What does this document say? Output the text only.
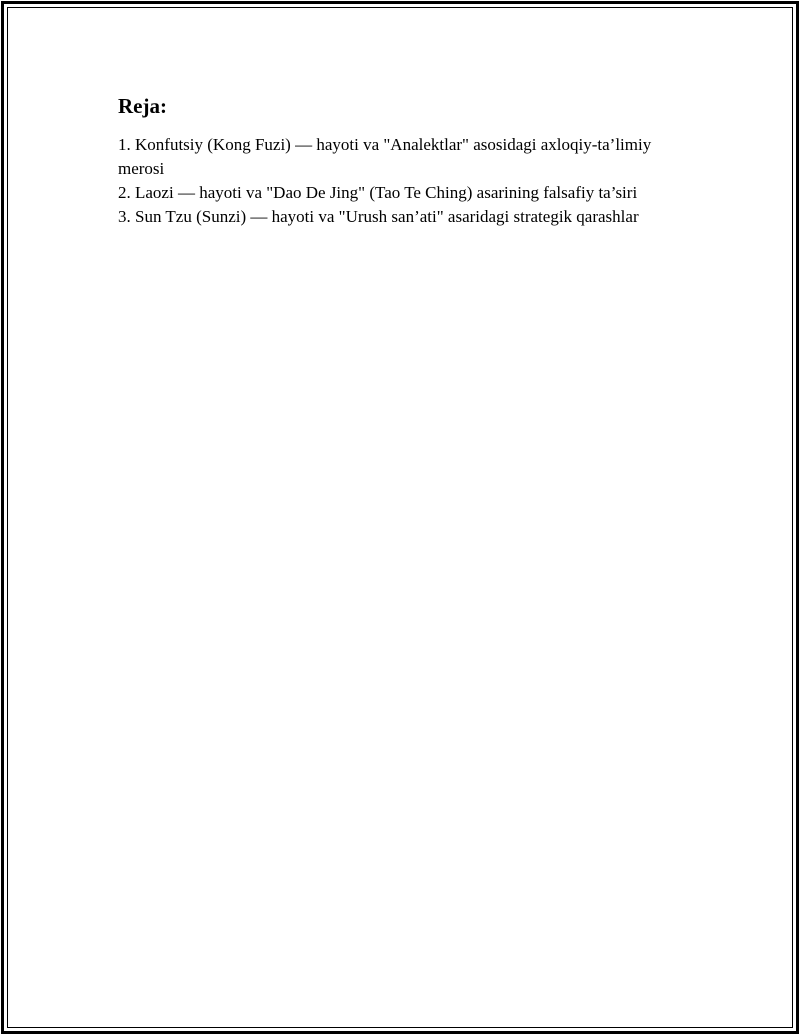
Reja:
1. Konfutsiy (Kong Fuzi) — hayoti va "Analektlar" asosidagi axloqiy-ta’limiy merosi
2. Laozi — hayoti va "Dao De Jing" (Tao Te Ching) asarining falsafiy ta’siri
3. Sun Tzu (Sunzi) — hayoti va "Urush san’ati" asaridagi strategik qarashlar
